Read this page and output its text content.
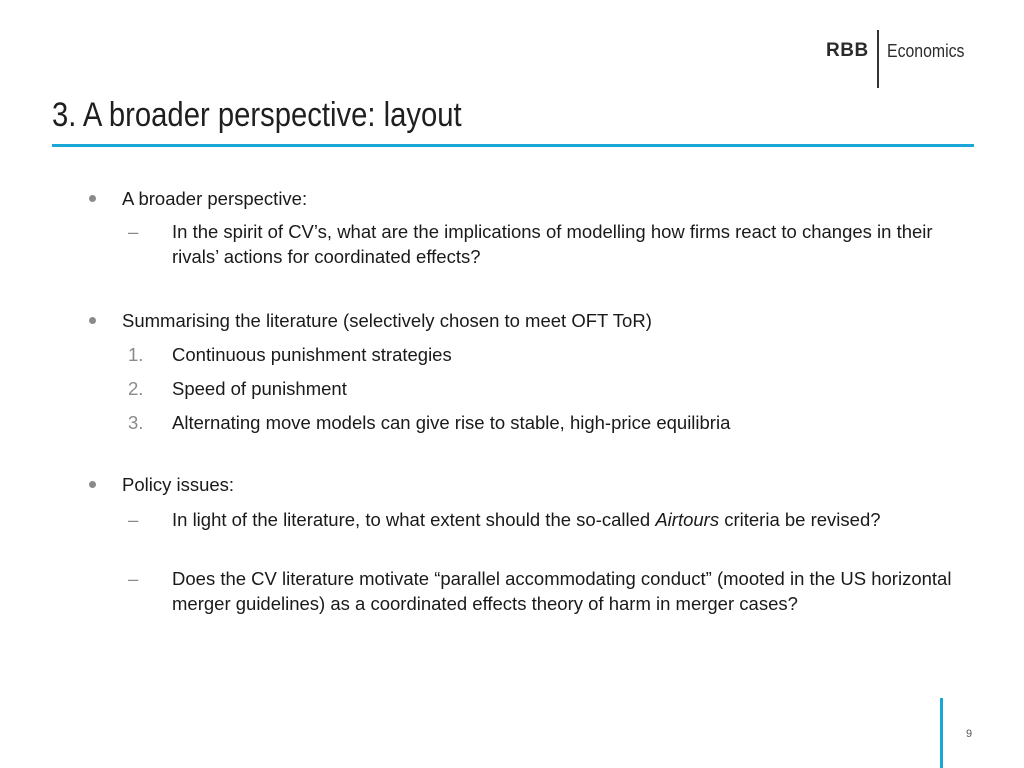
RBB Economics
3. A broader perspective: layout
A broader perspective:
–	In the spirit of CV’s, what are the implications of modelling how firms react to changes in their rivals’ actions for coordinated effects?
Summarising the literature (selectively chosen to meet OFT ToR)
1.	Continuous punishment strategies
2.	Speed of punishment
3.	Alternating move models can give rise to stable, high-price equilibria
Policy issues:
–	In light of the literature, to what extent should the so-called Airtours criteria be revised?
–	Does the CV literature motivate “parallel accommodating conduct” (mooted in the US horizontal merger guidelines) as a coordinated effects theory of harm in merger cases?
9
